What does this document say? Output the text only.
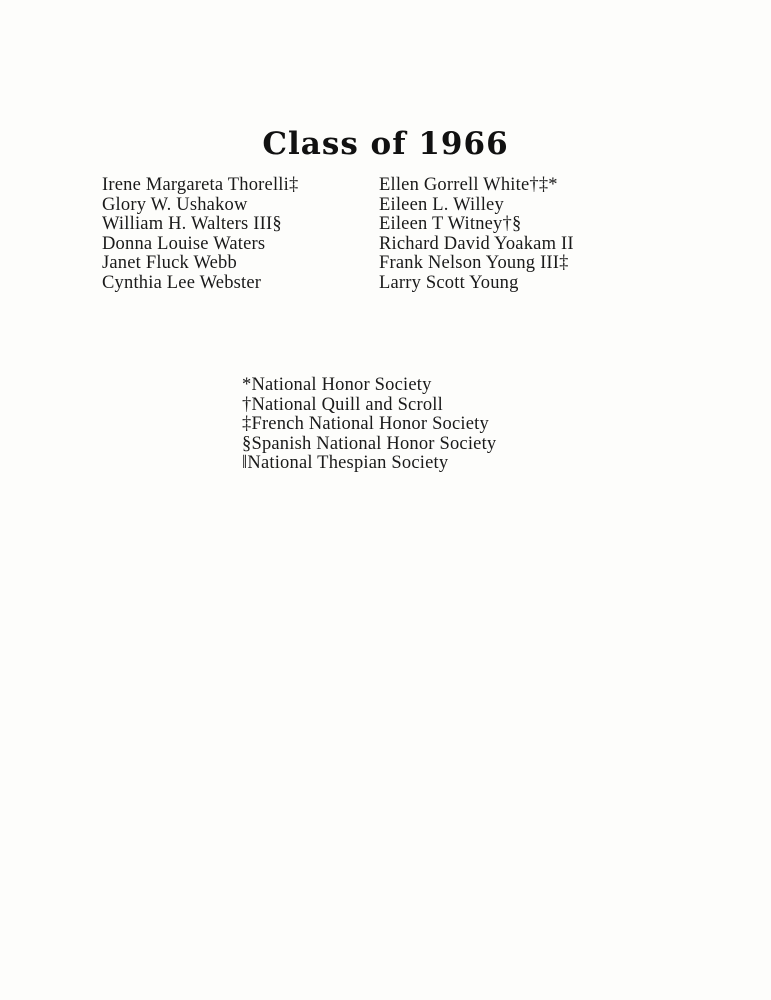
Class of 1966
Irene Margareta Thorelli‡
Glory W. Ushakow
William H. Walters III§
Donna Louise Waters
Janet Fluck Webb
Cynthia Lee Webster
Ellen Gorrell White†‡*
Eileen L. Willey
Eileen T Witney†§
Richard David Yoakam II
Frank Nelson Young III‡
Larry Scott Young
*National Honor Society
†National Quill and Scroll
‡French National Honor Society
§Spanish National Honor Society
‖National Thespian Society
